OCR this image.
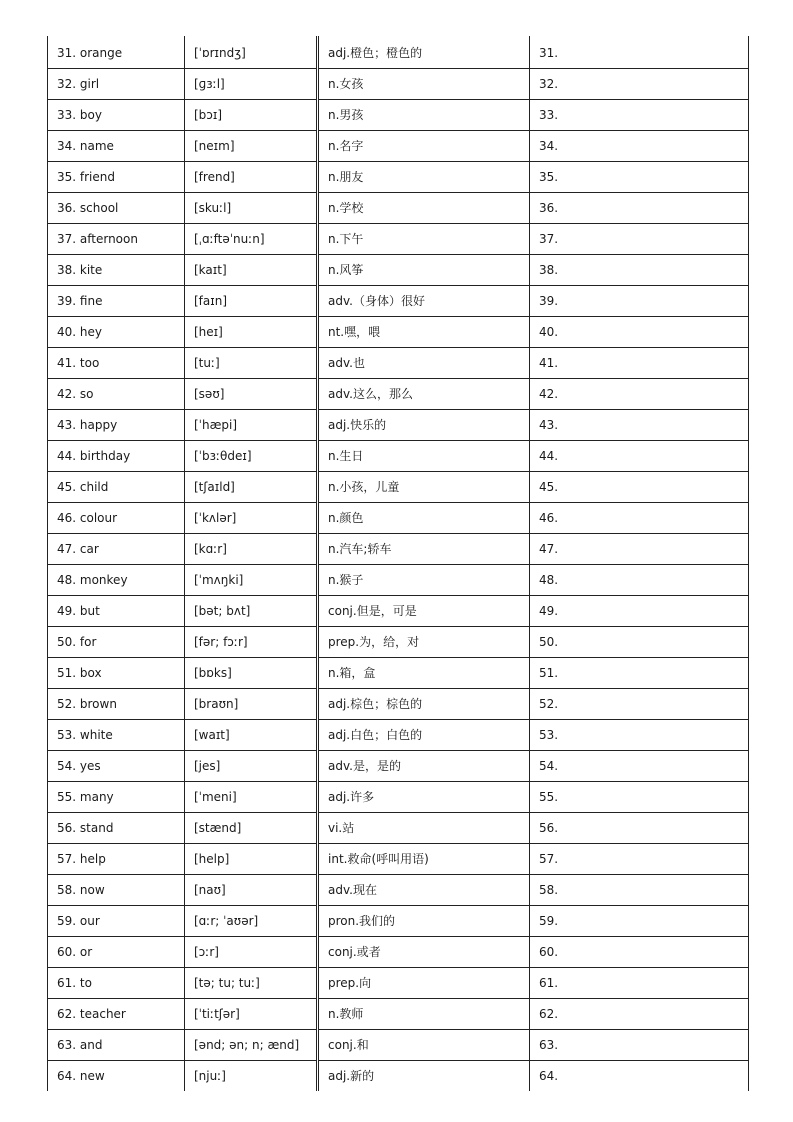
31. orange	[ˈɒrɪndʒ]	adj.橙色；橙色的	31.
32. girl	[ɡɜːl]	n.女孩	32.
33. boy	[bɔɪ]	n.男孩	33.
34. name	[neɪm]	n.名字	34.
35. friend	[frend]	n.朋友	35.
36. school	[skuːl]	n.学校	36.
37. afternoon	[ˌɑːftəˈnuːn]	n.下午	37.
38. kite	[kaɪt]	n.风筝	38.
39. fine	[faɪn]	adv.（身体）很好	39.
40. hey	[heɪ]	nt.嘿，喂	40.
41. too	[tuː]	adv.也	41.
42. so	[səʊ]	adv.这么，那么	42.
43. happy	[ˈhæpi]	adj.快乐的	43.
44. birthday	[ˈbɜːθdeɪ]	n.生日	44.
45. child	[tʃaɪld]	n.小孩，儿童	45.
46. colour	[ˈkʌlər]	n.颜色	46.
47. car	[kɑːr]	n.汽车;轿车	47.
48. monkey	[ˈmʌŋki]	n.猴子	48.
49. but	[bət; bʌt]	conj.但是，可是	49.
50. for	[fər; fɔːr]	prep.为，给，对	50.
51. box	[bɒks]	n.箱，盒	51.
52. brown	[braʊn]	adj.棕色；棕色的	52.
53. white	[waɪt]	adj.白色；白色的	53.
54. yes	[jes]	adv.是，是的	54.
55. many	[ˈmeni]	adj.许多	55.
56. stand	[stænd]	vi.站	56.
57. help	[help]	int.救命(呼叫用语)	57.
58. now	[naʊ]	adv.现在	58.
59. our	[ɑːr; ˈaʊər]	pron.我们的	59.
60. or	[ɔːr]	conj.或者	60.
61. to	[tə; tu; tuː]	prep.向	61.
62. teacher	[ˈtiːtʃər]	n.教师	62.
63. and	[ənd; ən; n; ænd]	conj.和	63.
64. new	[njuː]	adj.新的	64.
